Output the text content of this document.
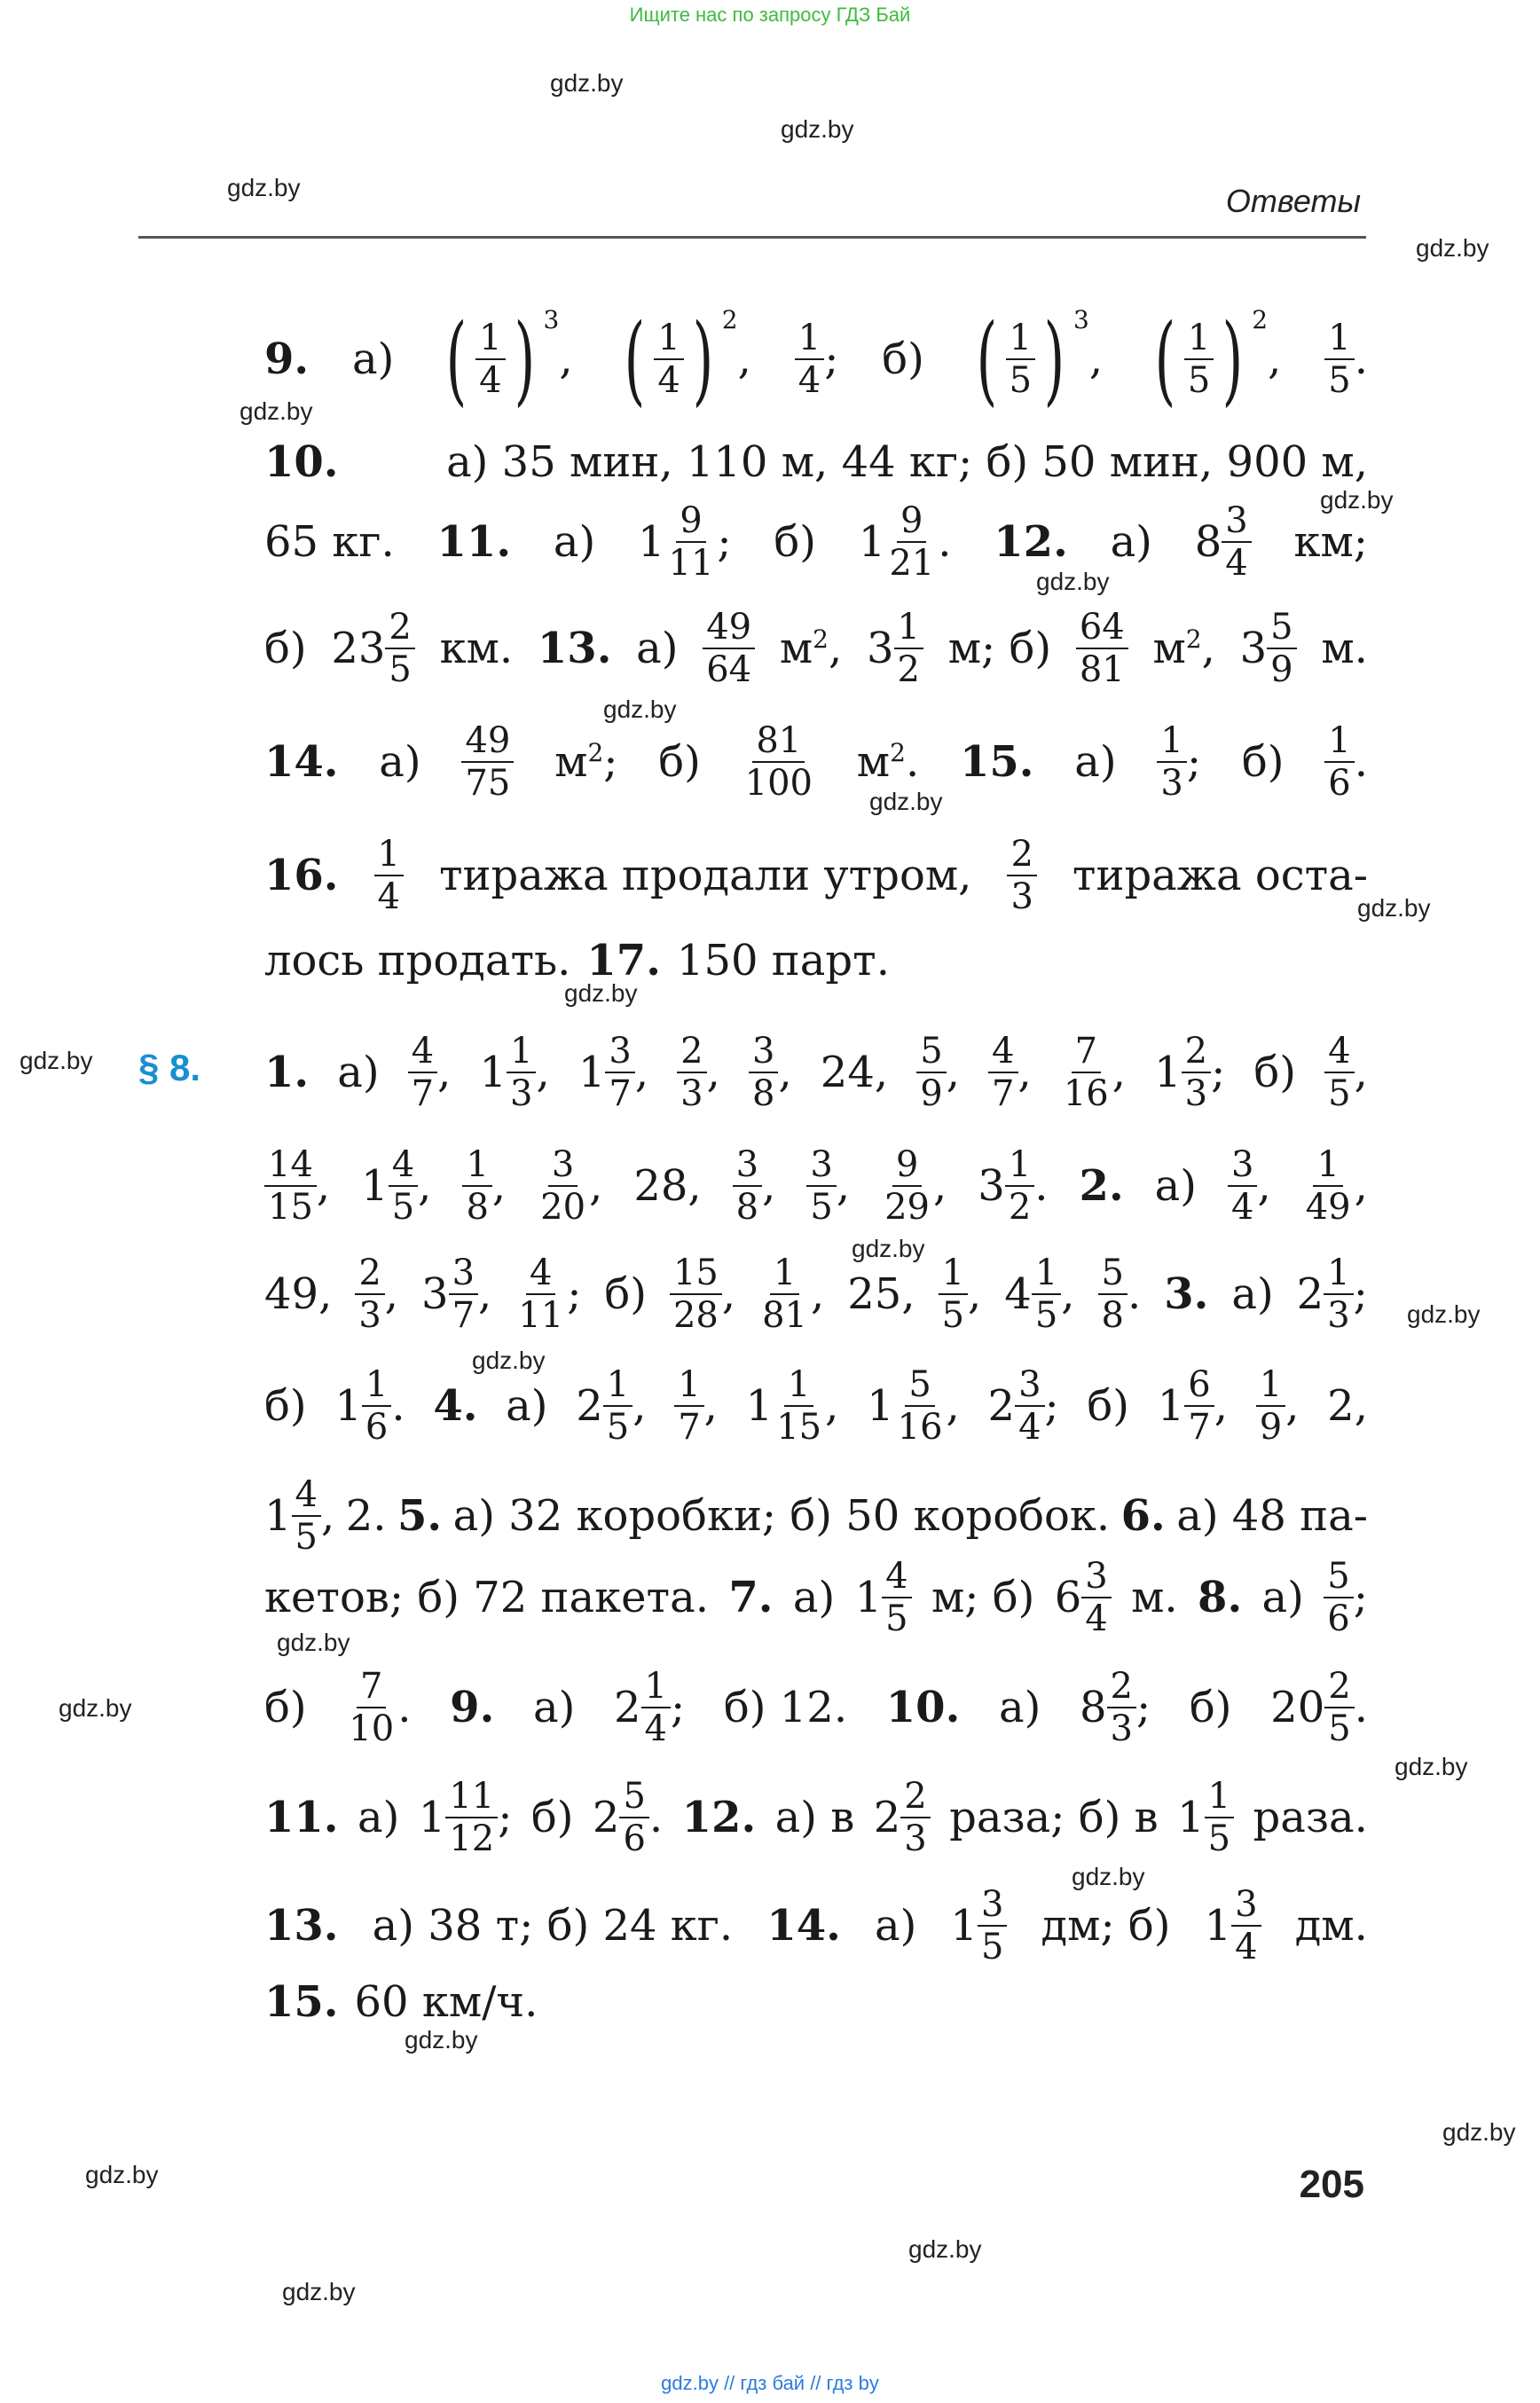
Ищите нас по запросу ГДЗ Бай
gdz.by
gdz.by
gdz.by
gdz.by
gdz.by
gdz.by
gdz.by
gdz.by
gdz.by
gdz.by
gdz.by
gdz.by
gdz.by
gdz.by
gdz.by
gdz.by
gdz.by
gdz.by
gdz.by
gdz.by
gdz.by
gdz.by
gdz.by
gdz.by
Ответы
§ 8.
9. а) ( $\frac{1}{4}$ ) $^3$
, ( $\frac{1}{4}$ ) $^2$
, $\frac{1}{4}$ ; б) ( $\frac{1}{5}$ ) $^3$
, ( $\frac{1}{5}$ ) $^2$
, $\frac{1}{5}$ .
10.	а) 35 мин, 110 м, 44 кг; б) 50 мин, 900 м,
65 кг. 11. а) $1 \frac{9}{11}$ ; б) $1 \frac{9}{21}$ . 12. а) $8 \frac{3}{4}$ км;
б) $23 \frac{2}{5}$ км. 13. $а) \frac{49}{64} м^2$, $3 \frac{1}{2} м$; $б) \frac{64}{81} м^2$, $3 \frac{5}{9} м$.
14. $а) \frac{49}{75} м^2$; $б) \frac{81}{100} м^2$. 15. $а) \frac{1}{3}$ ; $б) \frac{1}{6}$ .
16. $\frac{1}{4}$ тиража продали утром, $\frac{2}{3}$ тиража оста-
лось продать. 17. 150 парт.
1. $а) \frac{4}{7}$ , $1 \frac{1}{3}$ , $1 \frac{3}{7}$ , $\frac{2}{3}$ , $\frac{3}{8}$ , 24, $\frac{5}{9}$ , $\frac{4}{7}$ , $\frac{7}{16}$ , $1 \frac{2}{3}$ ; $б) \frac{4}{5}$ ,
$\frac{14}{15}$ , $1 \frac{4}{5}$ , $\frac{1}{8}$ , $\frac{3}{20}$ , 28, $\frac{3}{8}$ , $\frac{3}{5}$ , $\frac{9}{29}$ , $3 \frac{1}{2}$ . 2. $а) \frac{3}{4}$ , $\frac{1}{49}$ ,
49, $\frac{2}{3}$ , $3 \frac{3}{7}$ , $\frac{4}{11}$ ; $б) \frac{15}{28}$ , $\frac{1}{81}$ , 25, $\frac{1}{5}$ , $4 \frac{1}{5}$ , $\frac{5}{8}$ . 3. а) $2 \frac{1}{3}$ ;
б) $1 \frac{1}{6}$ . 4. а) $2 \frac{1}{5}$ , $\frac{1}{7}$ , $1 \frac{1}{15}$ , $1 \frac{5}{16}$ , $2 \frac{3}{4}$ ; б) $1 \frac{6}{7}$ , $\frac{1}{9}$ , 2,
$1 \frac{4}{5}$ , 2. 5. а) 32 коробки; б) 50 коробок. 6. а) 48 па-
кетов; б) 72 пакета. 7. а) $1 \frac{4}{5} м$; б) $6 \frac{3}{4} м$. 8. $а) \frac{5}{6}$ ;
$б) \frac{7}{10}$ . 9. а) $2 \frac{1}{4}$ ; б) 12. 10. а) $8 \frac{2}{3}$ ; б) $20 \frac{2}{5}$ .
11. а) $1 \frac{11}{12}$ ; б) $2 \frac{5}{6}$ . 12. а) в $2 \frac{2}{3}$ раза; б) в $1 \frac{1}{5}$ раза.
13. а) 38 т; б) 24 кг. 14. а) $1 \frac{3}{5}$ дм; б) $1 \frac{3}{4}$ дм.
15. 60 км/ч.
205
gdz.by // гдз бай // гдз by
